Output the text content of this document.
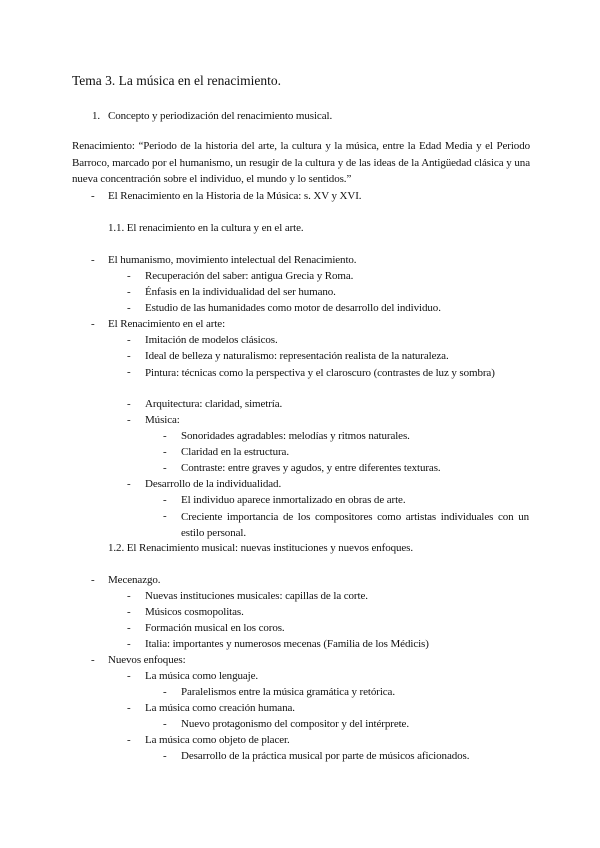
Tema 3. La música en el renacimiento.
1. Concepto y periodización del renacimiento musical.
Renacimiento: “Periodo de la historia del arte, la cultura y la música, entre la Edad Media y el Periodo Barroco, marcado por el humanismo, un resugir de la cultura y de las ideas de la Antigüedad clásica y una nueva concentración sobre el individuo, el mundo y lo sentidos.”
- El Renacimiento en la Historia de la Música: s. XV y XVI.
1.1. El renacimiento en la cultura y en el arte.
- El humanismo, movimiento intelectual del Renacimiento.
- Recuperación del saber: antigua Grecia y Roma.
- Énfasis en la individualidad del ser humano.
- Estudio de las humanidades como motor de desarrollo del individuo.
- El Renacimiento en el arte:
- Imitación de modelos clásicos.
- Ideal de belleza y naturalismo: representación realista de la naturaleza.
- Pintura: técnicas como la perspectiva y el claroscuro (contrastes de luz y sombra)
- Arquitectura: claridad, simetría.
- Música:
- Sonoridades agradables: melodías y ritmos naturales.
- Claridad en la estructura.
- Contraste: entre graves y agudos, y entre diferentes texturas.
- Desarrollo de la individualidad.
- El individuo aparece inmortalizado en obras de arte.
- Creciente importancia de los compositores como artistas individuales con un estilo personal.
1.2. El Renacimiento musical: nuevas instituciones y nuevos enfoques.
- Mecenazgo.
- Nuevas instituciones musicales: capillas de la corte.
- Músicos cosmopolitas.
- Formación musical en los coros.
- Italia: importantes y numerosos mecenas (Familia de los Médicis)
- Nuevos enfoques:
- La música como lenguaje.
- Paralelismos entre la música gramática y retórica.
- La música como creación humana.
- Nuevo protagonismo del compositor y del intérprete.
- La música como objeto de placer.
- Desarrollo de la práctica musical por parte de músicos aficionados.
